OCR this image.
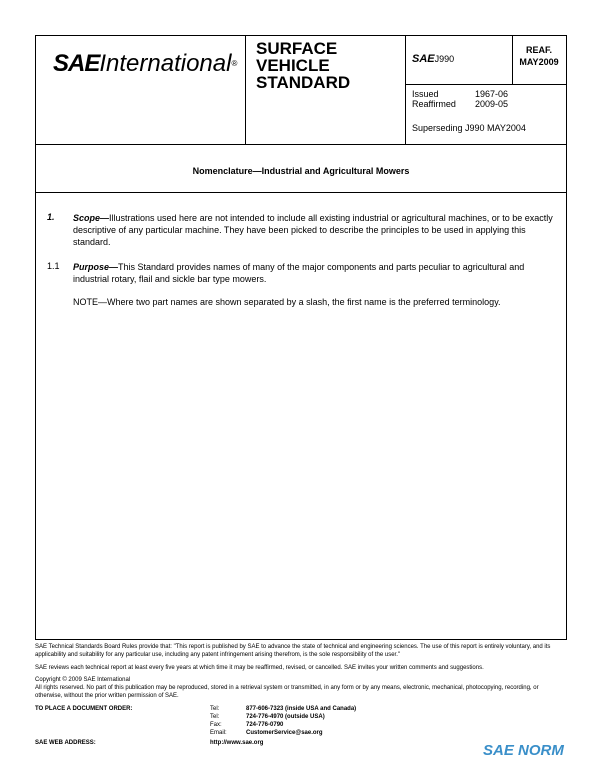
SAEInternational®
SURFACE
VEHICLE
STANDARD
SAEJ990
REAF.
MAY2009
Issued	1967-06
Reaffirmed 2009-05
Superseding J990 MAY2004
Nomenclature—Industrial and Agricultural Mowers
1. Scope—Illustrations used here are not intended to include all existing industrial or agricultural machines, or to be exactly descriptive of any particular machine. They have been picked to describe the principles to be used in applying this standard.
1.1 Purpose—This Standard provides names of many of the major components and parts peculiar to agricultural and industrial rotary, flail and sickle bar type mowers.
NOTE—Where two part names are shown separated by a slash, the first name is the preferred terminology.
SAE Technical Standards Board Rules provide that: "This report is published by SAE to advance the state of technical and engineering sciences. The use of this report is entirely voluntary, and its applicability and suitability for any particular use, including any patent infringement arising therefrom, is the sole responsibility of the user."
SAE reviews each technical report at least every five years at which time it may be reaffirmed, revised, or cancelled. SAE invites your written comments and suggestions.
Copyright © 2009 SAE International
All rights reserved. No part of this publication may be reproduced, stored in a retrieval system or transmitted, in any form or by any means, electronic, mechanical, photocopying, recording, or otherwise, without the prior written permission of SAE.
TO PLACE A DOCUMENT ORDER:
SAE WEB ADDRESS:
Tel:	877-606-7323 (inside USA and Canada)
Tel:	724-776-4970 (outside USA)
Fax:	724-776-0790
Email:	CustomerService@sae.org
http://www.sae.org	SAE NORM
